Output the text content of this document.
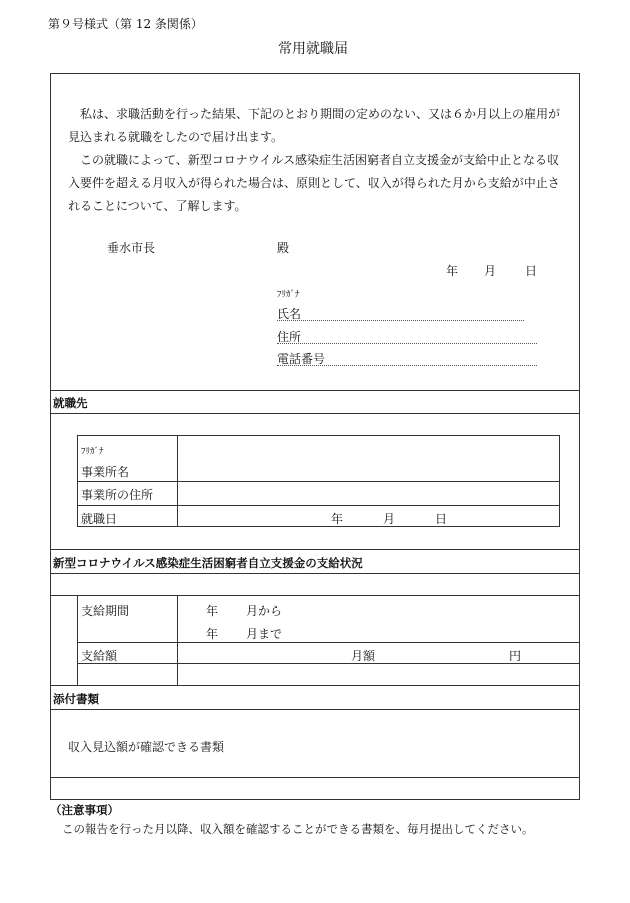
第９号様式（第 12 条関係）
常用就職届

私は、求職活動を行った結果、下記のとおり期間の定めのない、又は６か月以上の雇用が見込まれる就職をしたので届け出ます。

この就職によって、新型コロナウイルス感染症生活困窮者自立支援金が支給中止となる収入要件を超える月収入が得られた場合は、原則として、収入が得られた月から支給が中止されることについて、了解します。

垂水市長	殿
年 月 日
ﾌﾘｶﾞﾅ
氏名
住所
電話番号
就職先
ﾌﾘｶﾞﾅ
事業所名
事業所の住所
就職日	年	月	日
新型コロナウイルス感染症生活困窮者自立支援金の支給状況
支給期間	年 月から
年 月まで
支給額	月額	円
添付書類
収入見込額が確認できる書類
（注意事項）
この報告を行った月以降、収入額を確認することができる書類を、毎月提出してください。
